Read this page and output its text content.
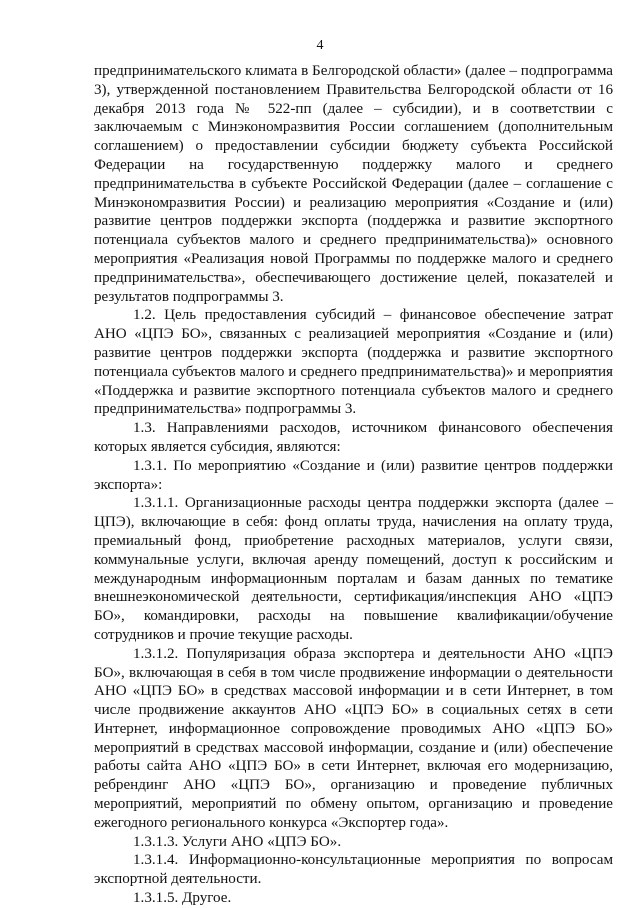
4

предпринимательского климата в Белгородской области» (далее – подпрограмма 3), утвержденной постановлением Правительства Белгородской области от 16 декабря 2013 года № 522-пп (далее – субсидии), и в соответствии с заключаемым с Минэкономразвития России соглашением (дополнительным соглашением) о предоставлении субсидии бюджету субъекта Российской Федерации на государственную поддержку малого и среднего предпринимательства в субъекте Российской Федерации (далее – соглашение с Минэкономразвития России) и реализацию мероприятия «Создание и (или) развитие центров поддержки экспорта (поддержка и развитие экспортного потенциала субъектов малого и среднего предпринимательства)» основного мероприятия «Реализация новой Программы по поддержке малого и среднего предпринимательства», обеспечивающего достижение целей, показателей и результатов подпрограммы 3.

1.2. Цель предоставления субсидий – финансовое обеспечение затрат АНО «ЦПЭ БО», связанных с реализацией мероприятия «Создание и (или) развитие центров поддержки экспорта (поддержка и развитие экспортного потенциала субъектов малого и среднего предпринимательства)» и мероприятия «Поддержка и развитие экспортного потенциала субъектов малого и среднего предпринимательства» подпрограммы 3.

1.3. Направлениями расходов, источником финансового обеспечения которых является субсидия, являются:

1.3.1. По мероприятию «Создание и (или) развитие центров поддержки экспорта»:

1.3.1.1. Организационные расходы центра поддержки экспорта (далее – ЦПЭ), включающие в себя: фонд оплаты труда, начисления на оплату труда, премиальный фонд, приобретение расходных материалов, услуги связи, коммунальные услуги, включая аренду помещений, доступ к российским и международным информационным порталам и базам данных по тематике внешнеэкономической деятельности, сертификация/инспекция АНО «ЦПЭ БО», командировки, расходы на повышение квалификации/обучение сотрудников и прочие текущие расходы.

1.3.1.2. Популяризация образа экспортера и деятельности АНО «ЦПЭ БО», включающая в себя в том числе продвижение информации о деятельности АНО «ЦПЭ БО» в средствах массовой информации и в сети Интернет, в том числе продвижение аккаунтов АНО «ЦПЭ БО» в социальных сетях в сети Интернет, информационное сопровождение проводимых АНО «ЦПЭ БО» мероприятий в средствах массовой информации, создание и (или) обеспечение работы сайта АНО «ЦПЭ БО» в сети Интернет, включая его модернизацию, ребрендинг АНО «ЦПЭ БО», организацию и проведение публичных мероприятий, мероприятий по обмену опытом, организацию и проведение ежегодного регионального конкурса «Экспортер года».

1.3.1.3. Услуги АНО «ЦПЭ БО».

1.3.1.4. Информационно-консультационные мероприятия по вопросам экспортной деятельности.

1.3.1.5. Другое.
